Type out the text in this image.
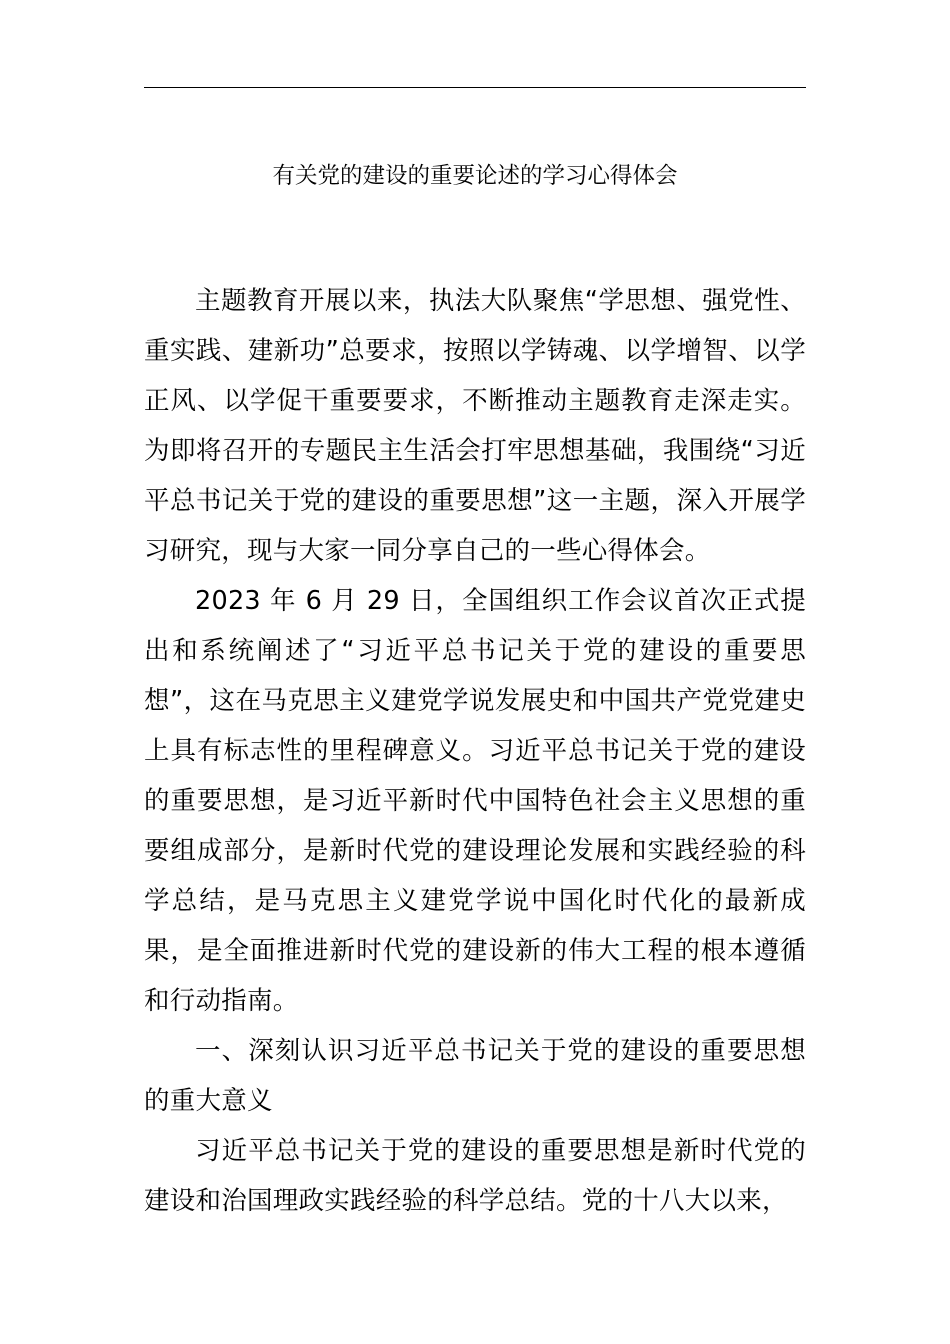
有关党的建设的重要论述的学习心得体会

主题教育开展以来，执法大队聚焦“学思想、强党性、重实践、建新功”总要求，按照以学铸魂、以学增智、以学正风、以学促干重要要求，不断推动主题教育走深走实。为即将召开的专题民主生活会打牢思想基础，我围绕“习近平总书记关于党的建设的重要思想”这一主题，深入开展学习研究，现与大家一同分享自己的一些心得体会。

2023 年 6 月 29 日，全国组织工作会议首次正式提出和系统阐述了“习近平总书记关于党的建设的重要思想”，这在马克思主义建党学说发展史和中国共产党党建史上具有标志性的里程碑意义。习近平总书记关于党的建设的重要思想，是习近平新时代中国特色社会主义思想的重要组成部分，是新时代党的建设理论发展和实践经验的科学总结，是马克思主义建党学说中国化时代化的最新成果，是全面推进新时代党的建设新的伟大工程的根本遵循和行动指南。

一、深刻认识习近平总书记关于党的建设的重要思想的重大意义

习近平总书记关于党的建设的重要思想是新时代党的建设和治国理政实践经验的科学总结。党的十八大以来，
